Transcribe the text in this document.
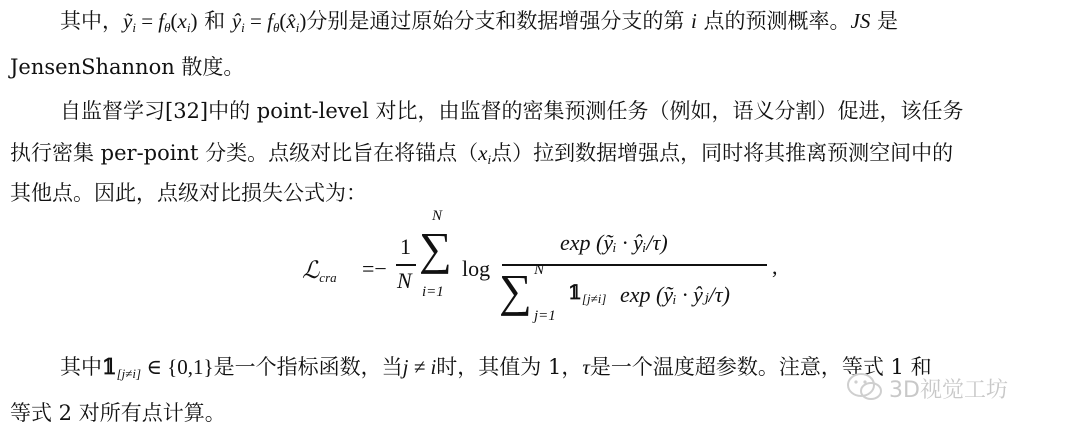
其中，ỹ$_i$ = $f_\theta(x_i)$ 和 $ŷ_i$ = $f_\theta(x̂_i)$分别是通过原始分支和数据增强分支的第 i 点的预测概率。JS 是
JensenShannon 散度。
自监督学习[32]中的 point-level 对比，由监督的密集预测任务（例如，语义分割）促进，该任务
执行密集 per-point 分类。点级对比旨在将锚点（$x_i$点）拉到数据增强点，同时将其推离预测空间中的
其他点。因此，点级对比损失公式为：
ℒ$_{cra}$ =−
1
N
N
∑
i=1
log
exp (ỹᵢ · ŷᵢ/τ)
∑ N
j=1
$𝟙_{[j\ne i]}$ exp (ỹᵢ · ŷⱼ/τ)
,
其中$𝟙_{[j\ne i]}$ ∈ {0,1}是一个指标函数，当j ≠ i时，其值为 1，τ是一个温度超参数。注意，等式 1 和
等式 2 对所有点计算。
3D视觉工坊
